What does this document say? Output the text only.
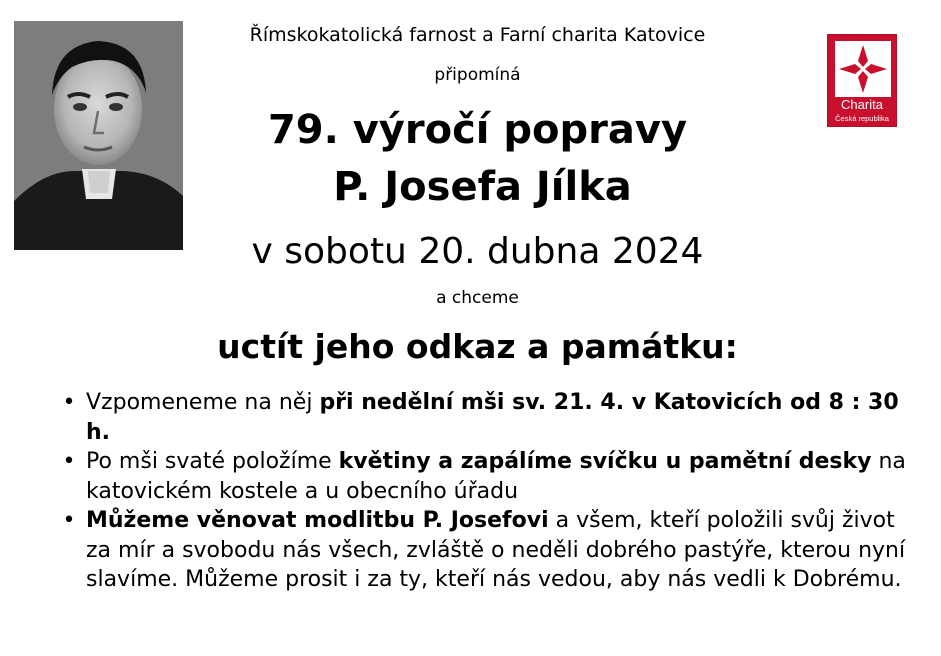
Charita
Česká republika
Římskokatolická farnost a Farní charita Katovice
připomíná
79. výročí popravy
P. Josefa Jílka
v sobotu 20. dubna 2024
a chceme
uctít jeho odkaz a památku:
• Vzpomeneme na něj při nedělní mši sv. 21. 4. v Katovicích od 8 : 30 h.
• Po mši svaté položíme květiny a zapálíme svíčku u pamětní desky na katovickém kostele a u obecního úřadu
• Můžeme věnovat modlitbu P. Josefovi a všem, kteří položili svůj život za mír a svobodu nás všech, zvláště o neděli dobrého pastýře, kterou nyní slavíme. Můžeme prosit i za ty, kteří nás vedou, aby nás vedli k Dobrému.
